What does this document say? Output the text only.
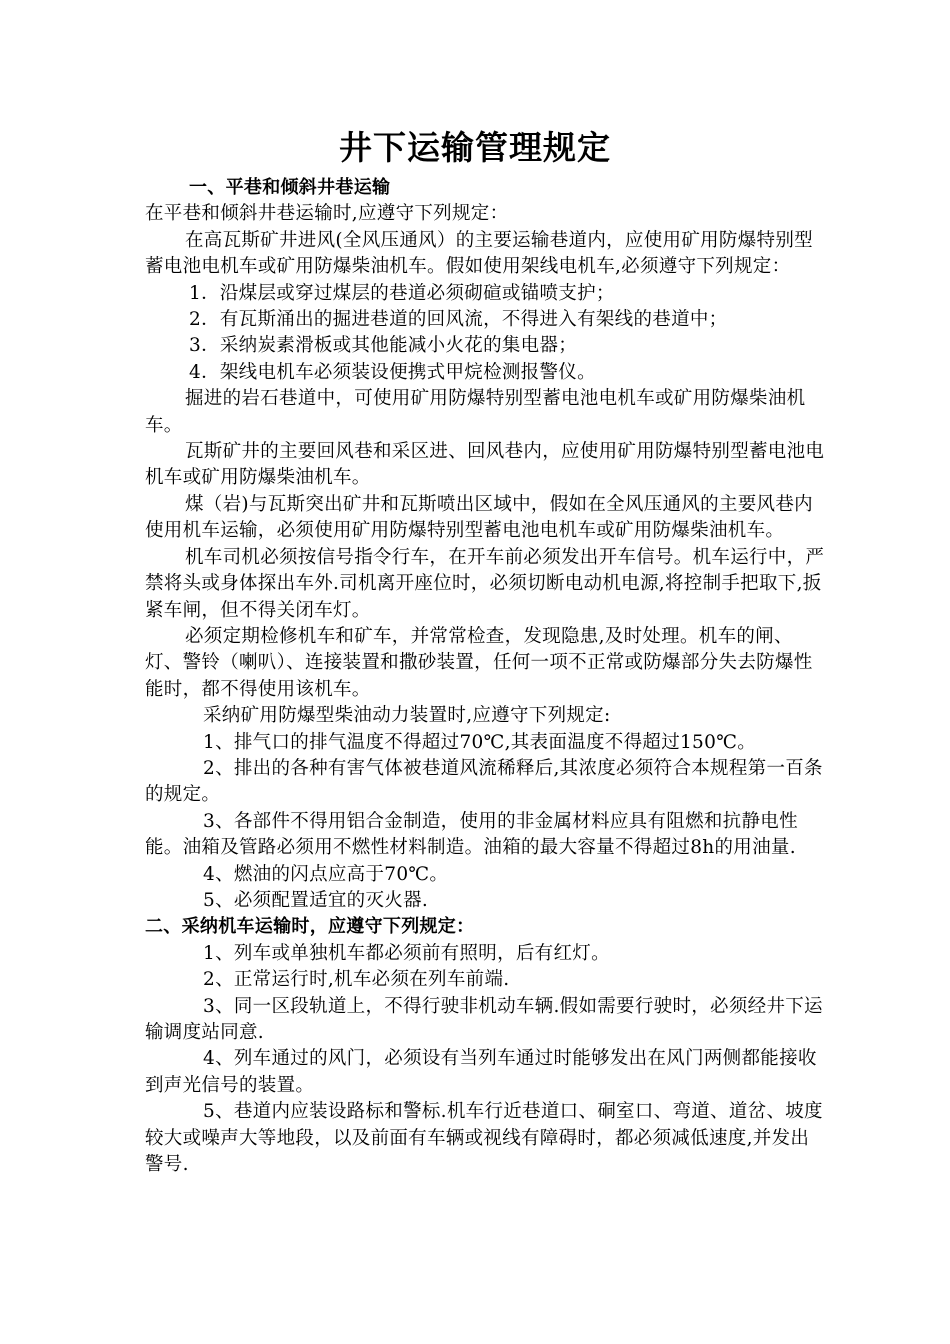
井下运输管理规定

一、平巷和倾斜井巷运输

在平巷和倾斜井巷运输时,应遵守下列规定：

在高瓦斯矿井进风(全风压通风）的主要运输巷道内，应使用矿用防爆特别型蓄电池电机车或矿用防爆柴油机车。假如使用架线电机车,必须遵守下列规定：

1．沿煤层或穿过煤层的巷道必须砌碹或锚喷支护；

2．有瓦斯涌出的掘进巷道的回风流，不得进入有架线的巷道中；

3．采纳炭素滑板或其他能减小火花的集电器；

4．架线电机车必须装设便携式甲烷检测报警仪。

掘进的岩石巷道中，可使用矿用防爆特别型蓄电池电机车或矿用防爆柴油机车。

瓦斯矿井的主要回风巷和采区进、回风巷内，应使用矿用防爆特别型蓄电池电机车或矿用防爆柴油机车。

煤（岩)与瓦斯突出矿井和瓦斯喷出区域中，假如在全风压通风的主要风巷内使用机车运输，必须使用矿用防爆特别型蓄电池电机车或矿用防爆柴油机车。

机车司机必须按信号指令行车，在开车前必须发出开车信号。机车运行中，严禁将头或身体探出车外.司机离开座位时，必须切断电动机电源,将控制手把取下,扳紧车闸，但不得关闭车灯。

必须定期检修机车和矿车，并常常检查，发现隐患,及时处理。机车的闸、灯、警铃（喇叭）、连接装置和撒砂装置，任何一项不正常或防爆部分失去防爆性能时，都不得使用该机车。

采纳矿用防爆型柴油动力装置时,应遵守下列规定:

1、排气口的排气温度不得超过70℃,其表面温度不得超过150℃。

2、排出的各种有害气体被巷道风流稀释后,其浓度必须符合本规程第一百条的规定。

3、各部件不得用铝合金制造，使用的非金属材料应具有阻燃和抗静电性能。油箱及管路必须用不燃性材料制造。油箱的最大容量不得超过8h的用油量.

4、燃油的闪点应高于70℃。

5、必须配置适宜的灭火器.

二、采纳机车运输时，应遵守下列规定：

1、列车或单独机车都必须前有照明，后有红灯。

2、正常运行时,机车必须在列车前端.

3、同一区段轨道上，不得行驶非机动车辆.假如需要行驶时，必须经井下运输调度站同意.

4、列车通过的风门，必须设有当列车通过时能够发出在风门两侧都能接收到声光信号的装置。

5、巷道内应装设路标和警标.机车行近巷道口、硐室口、弯道、道岔、坡度较大或噪声大等地段，以及前面有车辆或视线有障碍时，都必须减低速度,并发出警号.
